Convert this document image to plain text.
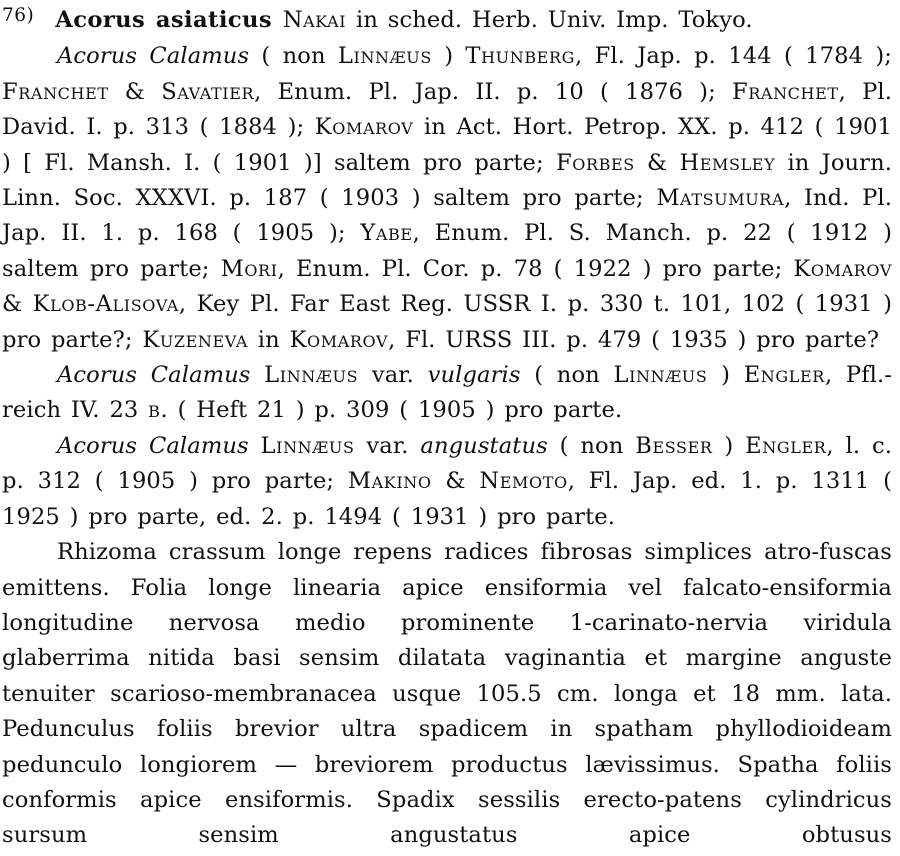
76) Acorus asiaticus Nakai in sched. Herb. Univ. Imp. Tokyo.

Acorus Calamus ( non Linnæus ) Thunberg, Fl. Jap. p. 144 ( 1784 ); Franchet & Savatier, Enum. Pl. Jap. II. p. 10 ( 1876 ); Franchet, Pl. David. I. p. 313 ( 1884 ); Komarov in Act. Hort. Petrop. XX. p. 412 ( 1901 ) [ Fl. Mansh. I. ( 1901 )] saltem pro parte; Forbes & Hemsley in Journ. Linn. Soc. XXXVI. p. 187 ( 1903 ) saltem pro parte; Matsumura, Ind. Pl. Jap. II. 1. p. 168 ( 1905 ); Yabe, Enum. Pl. S. Manch. p. 22 ( 1912 ) saltem pro parte; Mori, Enum. Pl. Cor. p. 78 ( 1922 ) pro parte; Komarov & Klob-Alisova, Key Pl. Far East Reg. USSR I. p. 330 t. 101, 102 ( 1931 ) pro parte?; Kuzeneva in Komarov, Fl. URSS III. p. 479 ( 1935 ) pro parte?

Acorus Calamus Linnæus var. vulgaris ( non Linnæus ) Engler, Pfl.-reich IV. 23 b. ( Heft 21 ) p. 309 ( 1905 ) pro parte.

Acorus Calamus Linnæus var. angustatus ( non Besser ) Engler, l. c. p. 312 ( 1905 ) pro parte; Makino & Nemoto, Fl. Jap. ed. 1. p. 1311 ( 1925 ) pro parte, ed. 2. p. 1494 ( 1931 ) pro parte.

Rhizoma crassum longe repens radices fibrosas simplices atro-fuscas emittens. Folia longe linearia apice ensiformia vel falcato-ensiformia longitudine nervosa medio prominente 1-carinato-nervia viridula glaberrima nitida basi sensim dilatata vaginantia et margine anguste tenuiter scarioso-membranacea usque 105.5 cm. longa et 18 mm. lata. Pedunculus foliis brevior ultra spadicem in spatham phyllodioideam pedunculo longiorem — breviorem productus lævissimus. Spatha foliis conformis apice ensiformis. Spadix sessilis erecto-patens cylindricus sursum sensim angustatus apice obtusus
